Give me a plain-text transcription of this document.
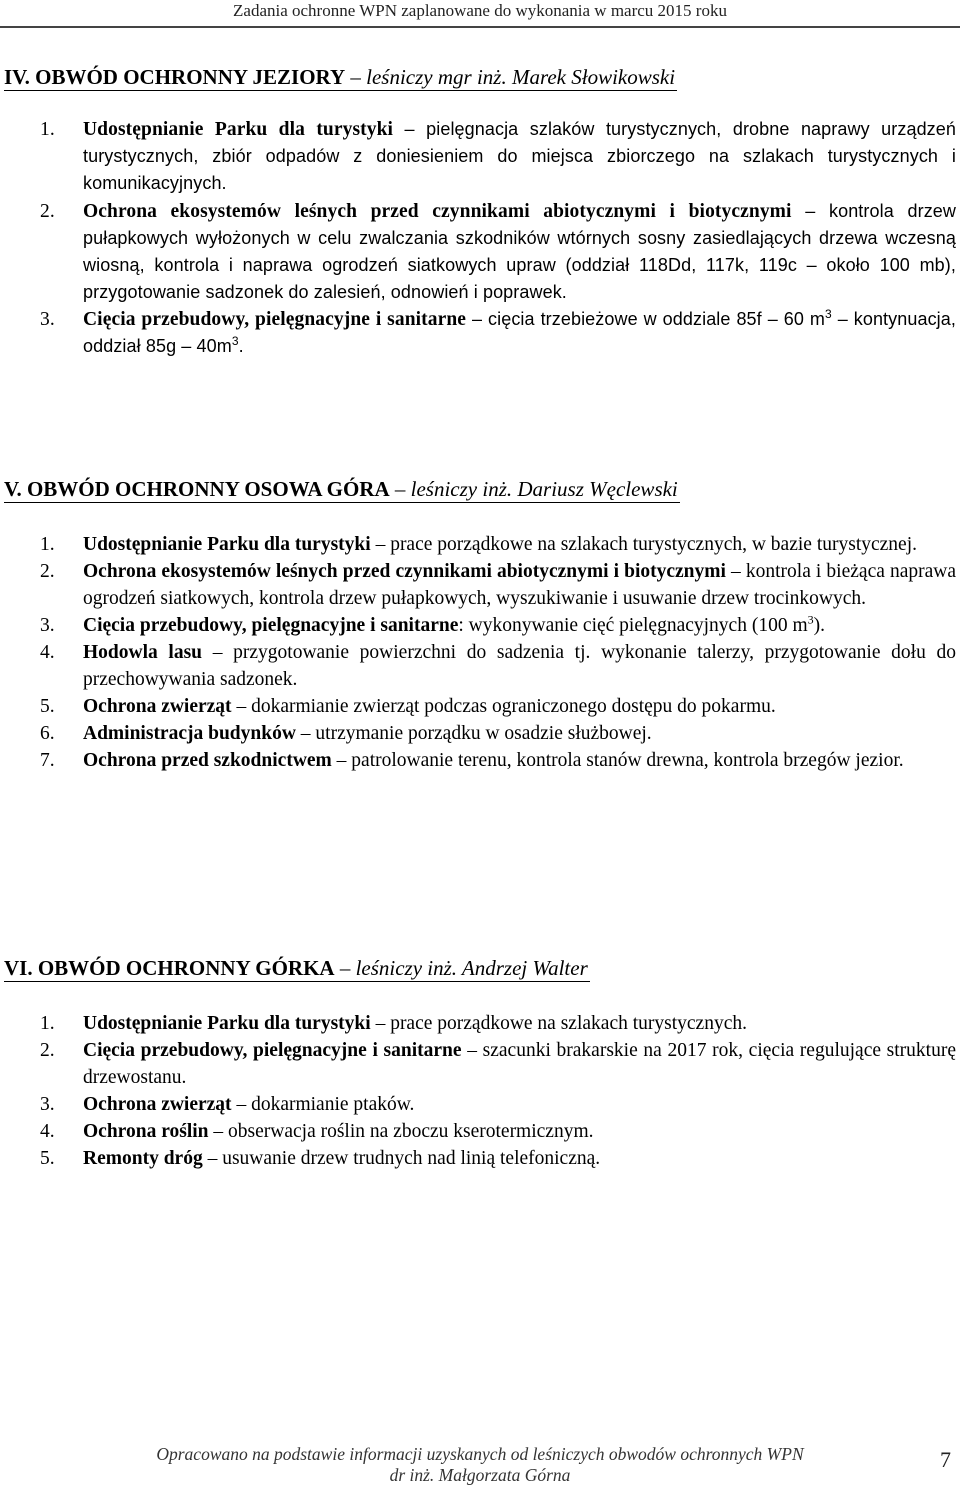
Zadania ochronne WPN zaplanowane do wykonania w marcu 2015 roku
IV. OBWÓD OCHRONNY JEZIORY – leśniczy mgr inż. Marek Słowikowski
1. Udostępnianie Parku dla turystyki – pielęgnacja szlaków turystycznych, drobne naprawy urządzeń turystycznych, zbiór odpadów z doniesieniem do miejsca zbiorczego na szlakach turystycznych i komunikacyjnych.
2. Ochrona ekosystemów leśnych przed czynnikami abiotycznymi i biotycznymi – kontrola drzew pułapkowych wyłożonych w celu zwalczania szkodników wtórnych sosny zasiedlających drzewa wczesną wiosną, kontrola i naprawa ogrodzeń siatkowych upraw (oddział 118Dd, 117k, 119c – około 100 mb), przygotowanie sadzonek do zalesień, odnowień i poprawek.
3. Cięcia przebudowy, pielęgnacyjne i sanitarne – cięcia trzebieżowe w oddziale 85f – 60 $m^3$ – kontynuacja, oddział $85g - 40m^3$.
V. OBWÓD OCHRONNY OSOWA GÓRA – leśniczy inż. Dariusz Węclewski
1. Udostępnianie Parku dla turystyki – prace porządkowe na szlakach turystycznych, w bazie turystycznej.
2. Ochrona ekosystemów leśnych przed czynnikami abiotycznymi i biotycznymi – kontrola i bieżąca naprawa ogrodzeń siatkowych, kontrola drzew pułapkowych, wyszukiwanie i usuwanie drzew trocinkowych.
3. Cięcia przebudowy, pielęgnacyjne i sanitarne: wykonywanie cięć pielęgnacyjnych (100 $m^3$).
4. Hodowla lasu – przygotowanie powierzchni do sadzenia tj. wykonanie talerzy, przygotowanie dołu do przechowywania sadzonek.
5. Ochrona zwierząt – dokarmianie zwierząt podczas ograniczonego dostępu do pokarmu.
6. Administracja budynków – utrzymanie porządku w osadzie służbowej.
7. Ochrona przed szkodnictwem – patrolowanie terenu, kontrola stanów drewna, kontrola brzegów jezior.
VI. OBWÓD OCHRONNY GÓRKA – leśniczy inż. Andrzej Walter
1. Udostępnianie Parku dla turystyki – prace porządkowe na szlakach turystycznych.
2. Cięcia przebudowy, pielęgnacyjne i sanitarne – szacunki brakarskie na 2017 rok, cięcia regulujące strukturę drzewostanu.
3. Ochrona zwierząt – dokarmianie ptaków.
4. Ochrona roślin – obserwacja roślin na zboczu kserotermicznym.
5. Remonty dróg – usuwanie drzew trudnych nad linią telefoniczną.
Opracowano na podstawie informacji uzyskanych od leśniczych obwodów ochronnych WPN
dr inż. Małgorzata Górna
7
